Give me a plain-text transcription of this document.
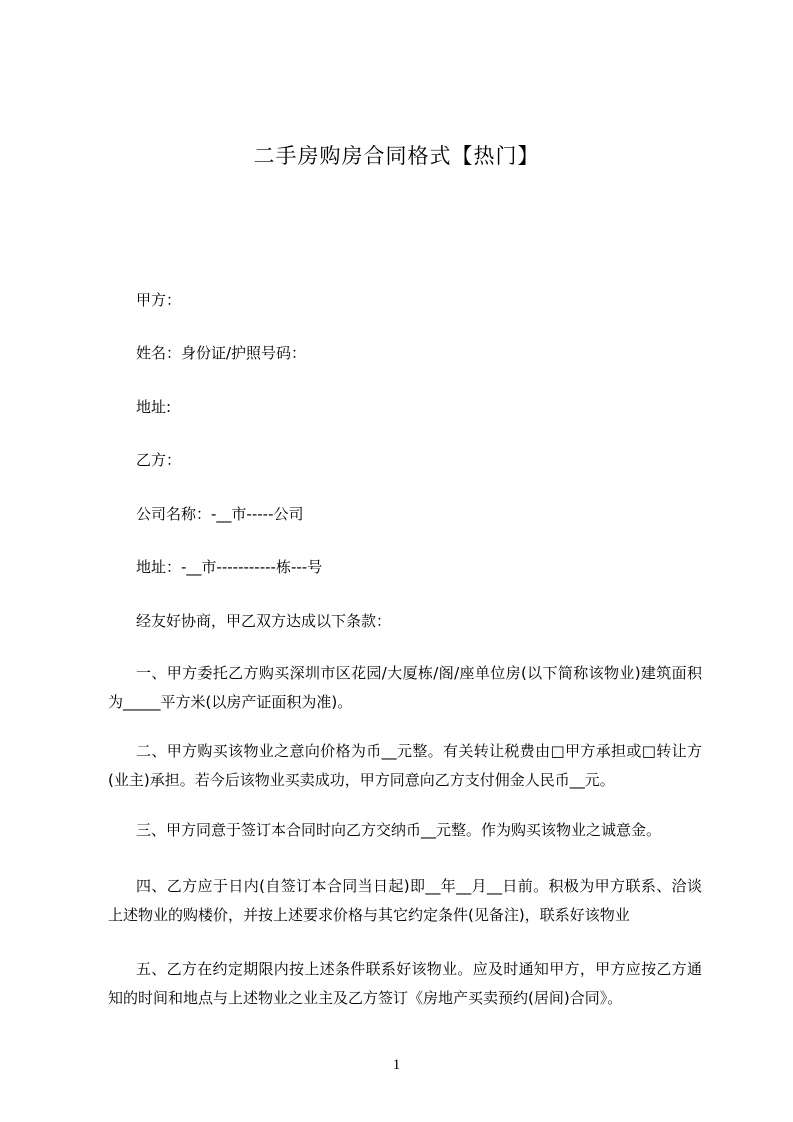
二手房购房合同格式【热门】
甲方：
姓名：身份证/护照号码：
地址:
乙方：
公司名称：-__市-----公司
地址：-__市-----------栋---号
经友好协商，甲乙双方达成以下条款：
一、甲方委托乙方购买深圳市区花园/大厦栋/阁/座单位房(以下简称该物业)建筑面积为_____平方米(以房产证面积为准)。
二、甲方购买该物业之意向价格为币__元整。有关转让税费由□甲方承担或□转让方(业主)承担。若今后该物业买卖成功，甲方同意向乙方支付佣金人民币__元。
三、甲方同意于签订本合同时向乙方交纳币__元整。作为购买该物业之诚意金。
四、乙方应于日内(自签订本合同当日起)即__年__月__日前。积极为甲方联系、洽谈上述物业的购楼价，并按上述要求价格与其它约定条件(见备注)，联系好该物业
五、乙方在约定期限内按上述条件联系好该物业。应及时通知甲方，甲方应按乙方通知的时间和地点与上述物业之业主及乙方签订《房地产买卖预约(居间)合同》。
1
